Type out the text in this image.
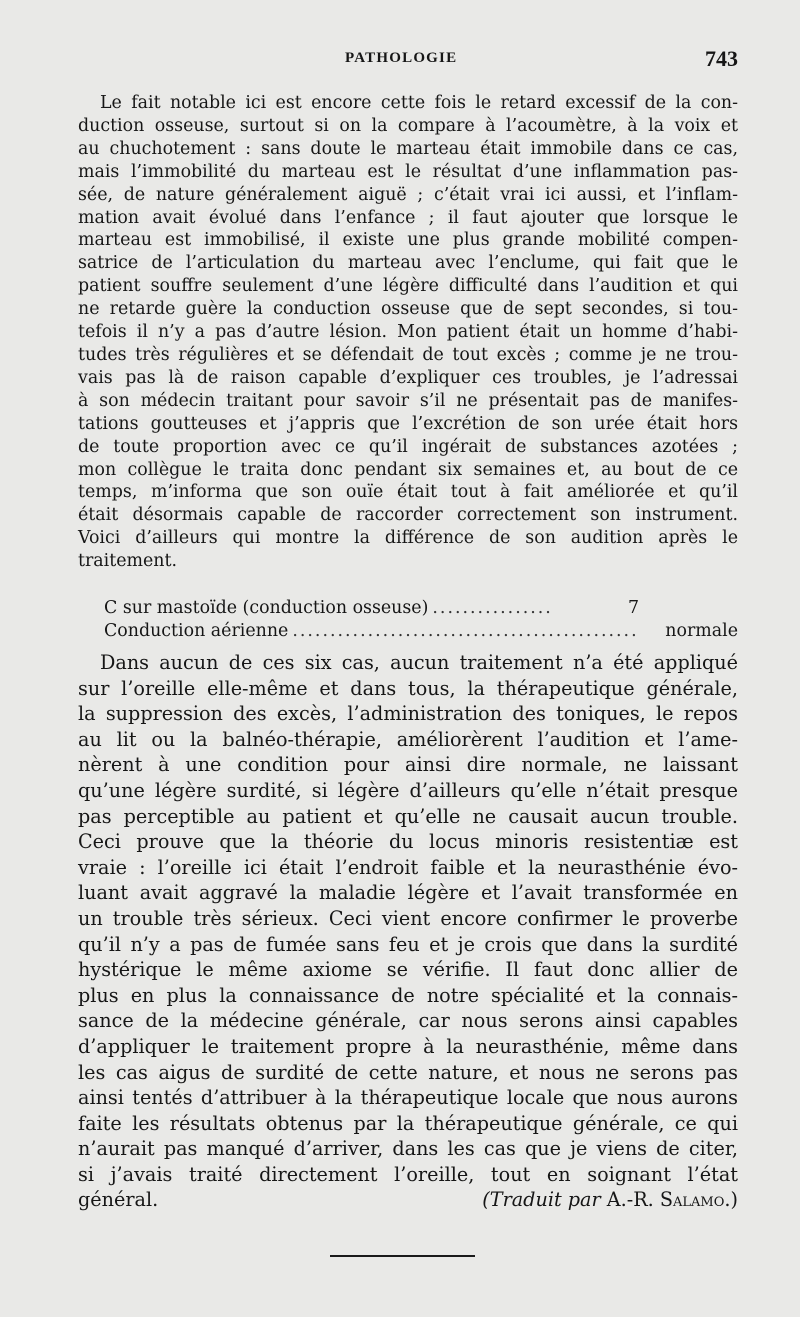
PATHOLOGIE	743
Le fait notable ici est encore cette fois le retard excessif de la con-
duction osseuse, surtout si on la compare à l’acoumètre, à la voix et
au chuchotement : sans doute le marteau était immobile dans ce cas,
mais l’immobilité du marteau est le résultat d’une inflammation pas-
sée, de nature généralement aiguë ; c’était vrai ici aussi, et l’inflam-
mation avait évolué dans l’enfance ; il faut ajouter que lorsque le
marteau est immobilisé, il existe une plus grande mobilité compen-
satrice de l’articulation du marteau avec l’enclume, qui fait que le
patient souffre seulement d’une légère difficulté dans l’audition et qui
ne retarde guère la conduction osseuse que de sept secondes, si tou-
tefois il n’y a pas d’autre lésion. Mon patient était un homme d’habi-
tudes très régulières et se défendait de tout excès ; comme je ne trou-
vais pas là de raison capable d’expliquer ces troubles, je l’adressai
à son médecin traitant pour savoir s’il ne présentait pas de manifes-
tations goutteuses et j’appris que l’excrétion de son urée était hors
de toute proportion avec ce qu’il ingérait de substances azotées ;
mon collègue le traita donc pendant six semaines et, au bout de ce
temps, m’informa que son ouïe était tout à fait améliorée et qu’il
était désormais capable de raccorder correctement son instrument.
Voici d’ailleurs qui montre la différence de son audition après le
traitement.
C sur mastoïde (conduction osseuse) ................	7
Conduction aérienne ..............................................	normale
Dans aucun de ces six cas, aucun traitement n’a été appliqué
sur l’oreille elle-même et dans tous, la thérapeutique générale,
la suppression des excès, l’administration des toniques, le repos
au lit ou la balnéo-thérapie, améliorèrent l’audition et l’ame-
nèrent à une condition pour ainsi dire normale, ne laissant
qu’une légère surdité, si légère d’ailleurs qu’elle n’était presque
pas perceptible au patient et qu’elle ne causait aucun trouble.
Ceci prouve que la théorie du locus minoris resistentiæ est
vraie : l’oreille ici était l’endroit faible et la neurasthénie évo-
luant avait aggravé la maladie légère et l’avait transformée en
un trouble très sérieux. Ceci vient encore confirmer le proverbe
qu’il n’y a pas de fumée sans feu et je crois que dans la surdité
hystérique le même axiome se vérifie. Il faut donc allier de
plus en plus la connaissance de notre spécialité et la connais-
sance de la médecine générale, car nous serons ainsi capables
d’appliquer le traitement propre à la neurasthénie, même dans
les cas aigus de surdité de cette nature, et nous ne serons pas
ainsi tentés d’attribuer à la thérapeutique locale que nous aurons
faite les résultats obtenus par la thérapeutique générale, ce qui
n’aurait pas manqué d’arriver, dans les cas que je viens de citer,
si j’avais traité directement l’oreille, tout en soignant l’état
général.	(Traduit par A.-R. Salamo.)
